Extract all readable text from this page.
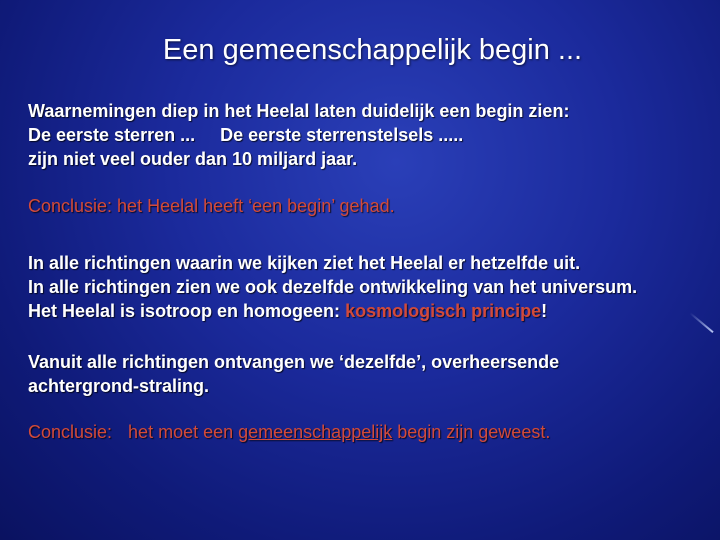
Een gemeenschappelijk begin ...
Waarnemingen diep in het Heelal laten duidelijk een begin zien:
De eerste sterren ...     De eerste sterrenstelsels .....
zijn niet veel ouder dan 10 miljard jaar.
Conclusie: het Heelal heeft ‘een begin’ gehad.
In alle richtingen waarin we kijken ziet het Heelal er hetzelfde uit.
In alle richtingen zien we ook dezelfde ontwikkeling van het universum.
Het Heelal is isotroop en homogeen: kosmologisch principe!
Vanuit alle richtingen ontvangen we ‘dezelfde’, overheersende
achtergrond-straling.
Conclusie: het moet een gemeenschappelijk begin zijn geweest.
